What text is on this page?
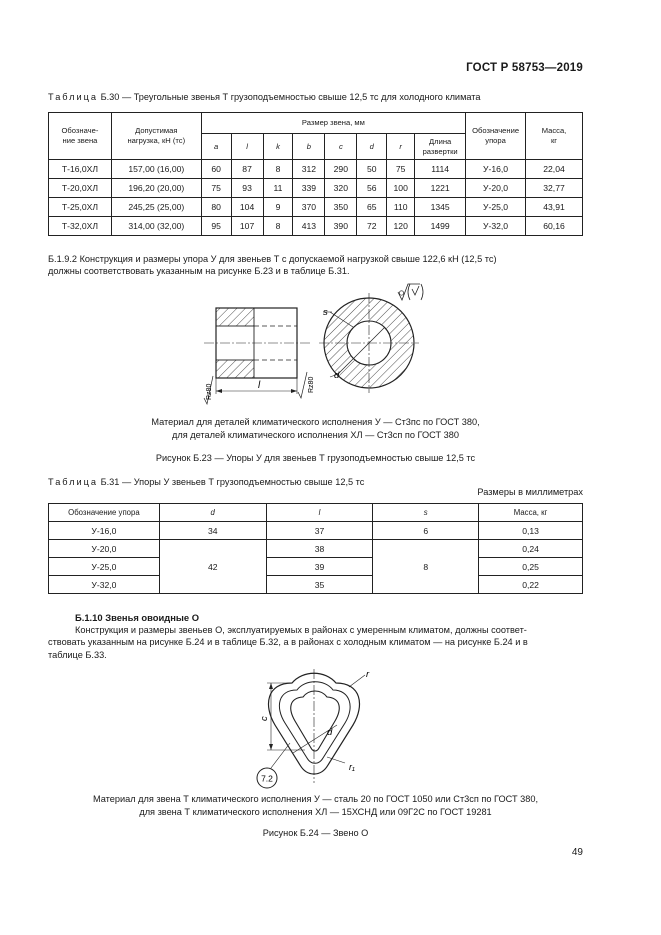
ГОСТ Р 58753—2019
Таблица Б.30 — Треугольные звенья Т грузоподъемностью свыше 12,5 тс для холодного климата
Обозначе-
ние звена	Допустимая
нагрузка, кН (тс)	Размер звена, мм								Обозначение
упора	Масса,
кг
		a	l	k	b	c	d	r	Длина
развертки		
Т-16,0ХЛ	157,00 (16,00)	60	87	8	312	290	50	75	1114	У-16,0	22,04
Т-20,0ХЛ	196,20 (20,00)	75	93	11	339	320	56	100	1221	У-20,0	32,77
Т-25,0ХЛ	245,25 (25,00)	80	104	9	370	350	65	110	1345	У-25,0	43,91
Т-32,0ХЛ	314,00 (32,00)	95	107	8	413	390	72	120	1499	У-32,0	60,16
Б.1.9.2 Конструкция и размеры упора У для звеньев Т с допускаемой нагрузкой свыше 122,6 кН (12,5 тс)
должны соответствовать указанным на рисунке Б.23 и в таблице Б.31.
l
Rz80	Rz80
s
d
Материал для деталей климатического исполнения У — Ст3пс по ГОСТ 380,
для деталей климатического исполнения ХЛ — Ст3сп по ГОСТ 380
Рисунок Б.23 — Упоры У для звеньев Т грузоподъемностью свыше 12,5 тс
Таблица Б.31 — Упоры У звеньев Т грузоподъемностью свыше 12,5 тс
Размеры в миллиметрах
Обозначение упора	d	l	s	Масса, кг
У-16,0	34	37	6	0,13
У-20,0	42	38	8	0,24
У-25,0		39		0,25
У-32,0		35		0,22
Б.1.10 Звенья овоидные О
Конструкция и размеры звеньев О, эксплуатируемых в районах с умеренным климатом, должны соответ-
ствовать указанным на рисунке Б.24 и в таблице Б.32, а в районах с холодным климатом — на рисунке Б.24 и в
таблице Б.33.
r
c
d
r₁
7.2
Материал для звена Т климатического исполнения У — сталь 20 по ГОСТ 1050 или Ст3сп по ГОСТ 380,
для звена Т климатического исполнения ХЛ — 15ХСНД или 09Г2С по ГОСТ 19281
Рисунок Б.24 — Звено О
49
